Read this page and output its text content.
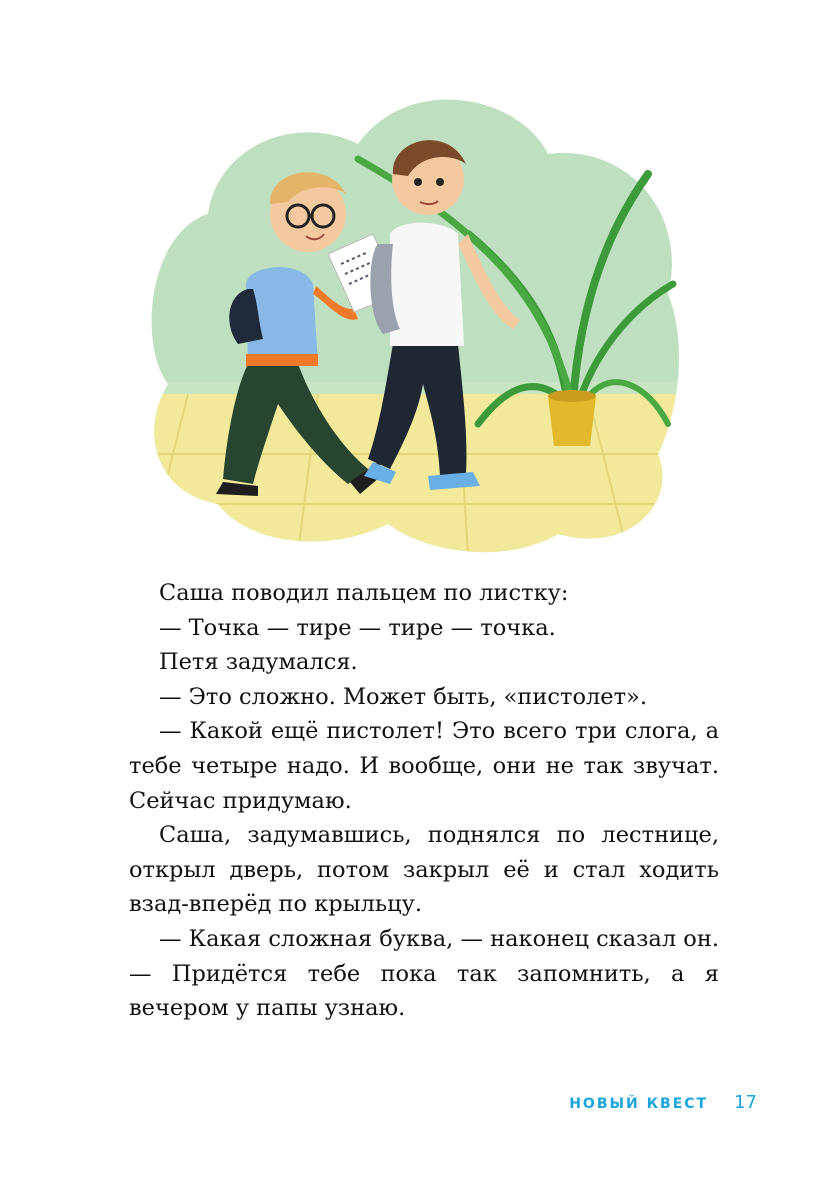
Саша поводил пальцем по листку:

— Точка — тире — тире — точка.

Петя задумался.

— Это сложно. Может быть, «пистолет».

— Какой ещё пистолет! Это всего три слога, а тебе четыре надо. И вообще, они не так звучат. Сейчас придумаю.

Саша, задумавшись, поднялся по лестнице, открыл дверь, потом закрыл её и стал ходить взад-вперёд по крыльцу.

— Какая сложная буква, — наконец сказал он. — Придётся тебе пока так запомнить, а я вечером у папы узнаю.

НОВЫЙ КВЕСТ 17
